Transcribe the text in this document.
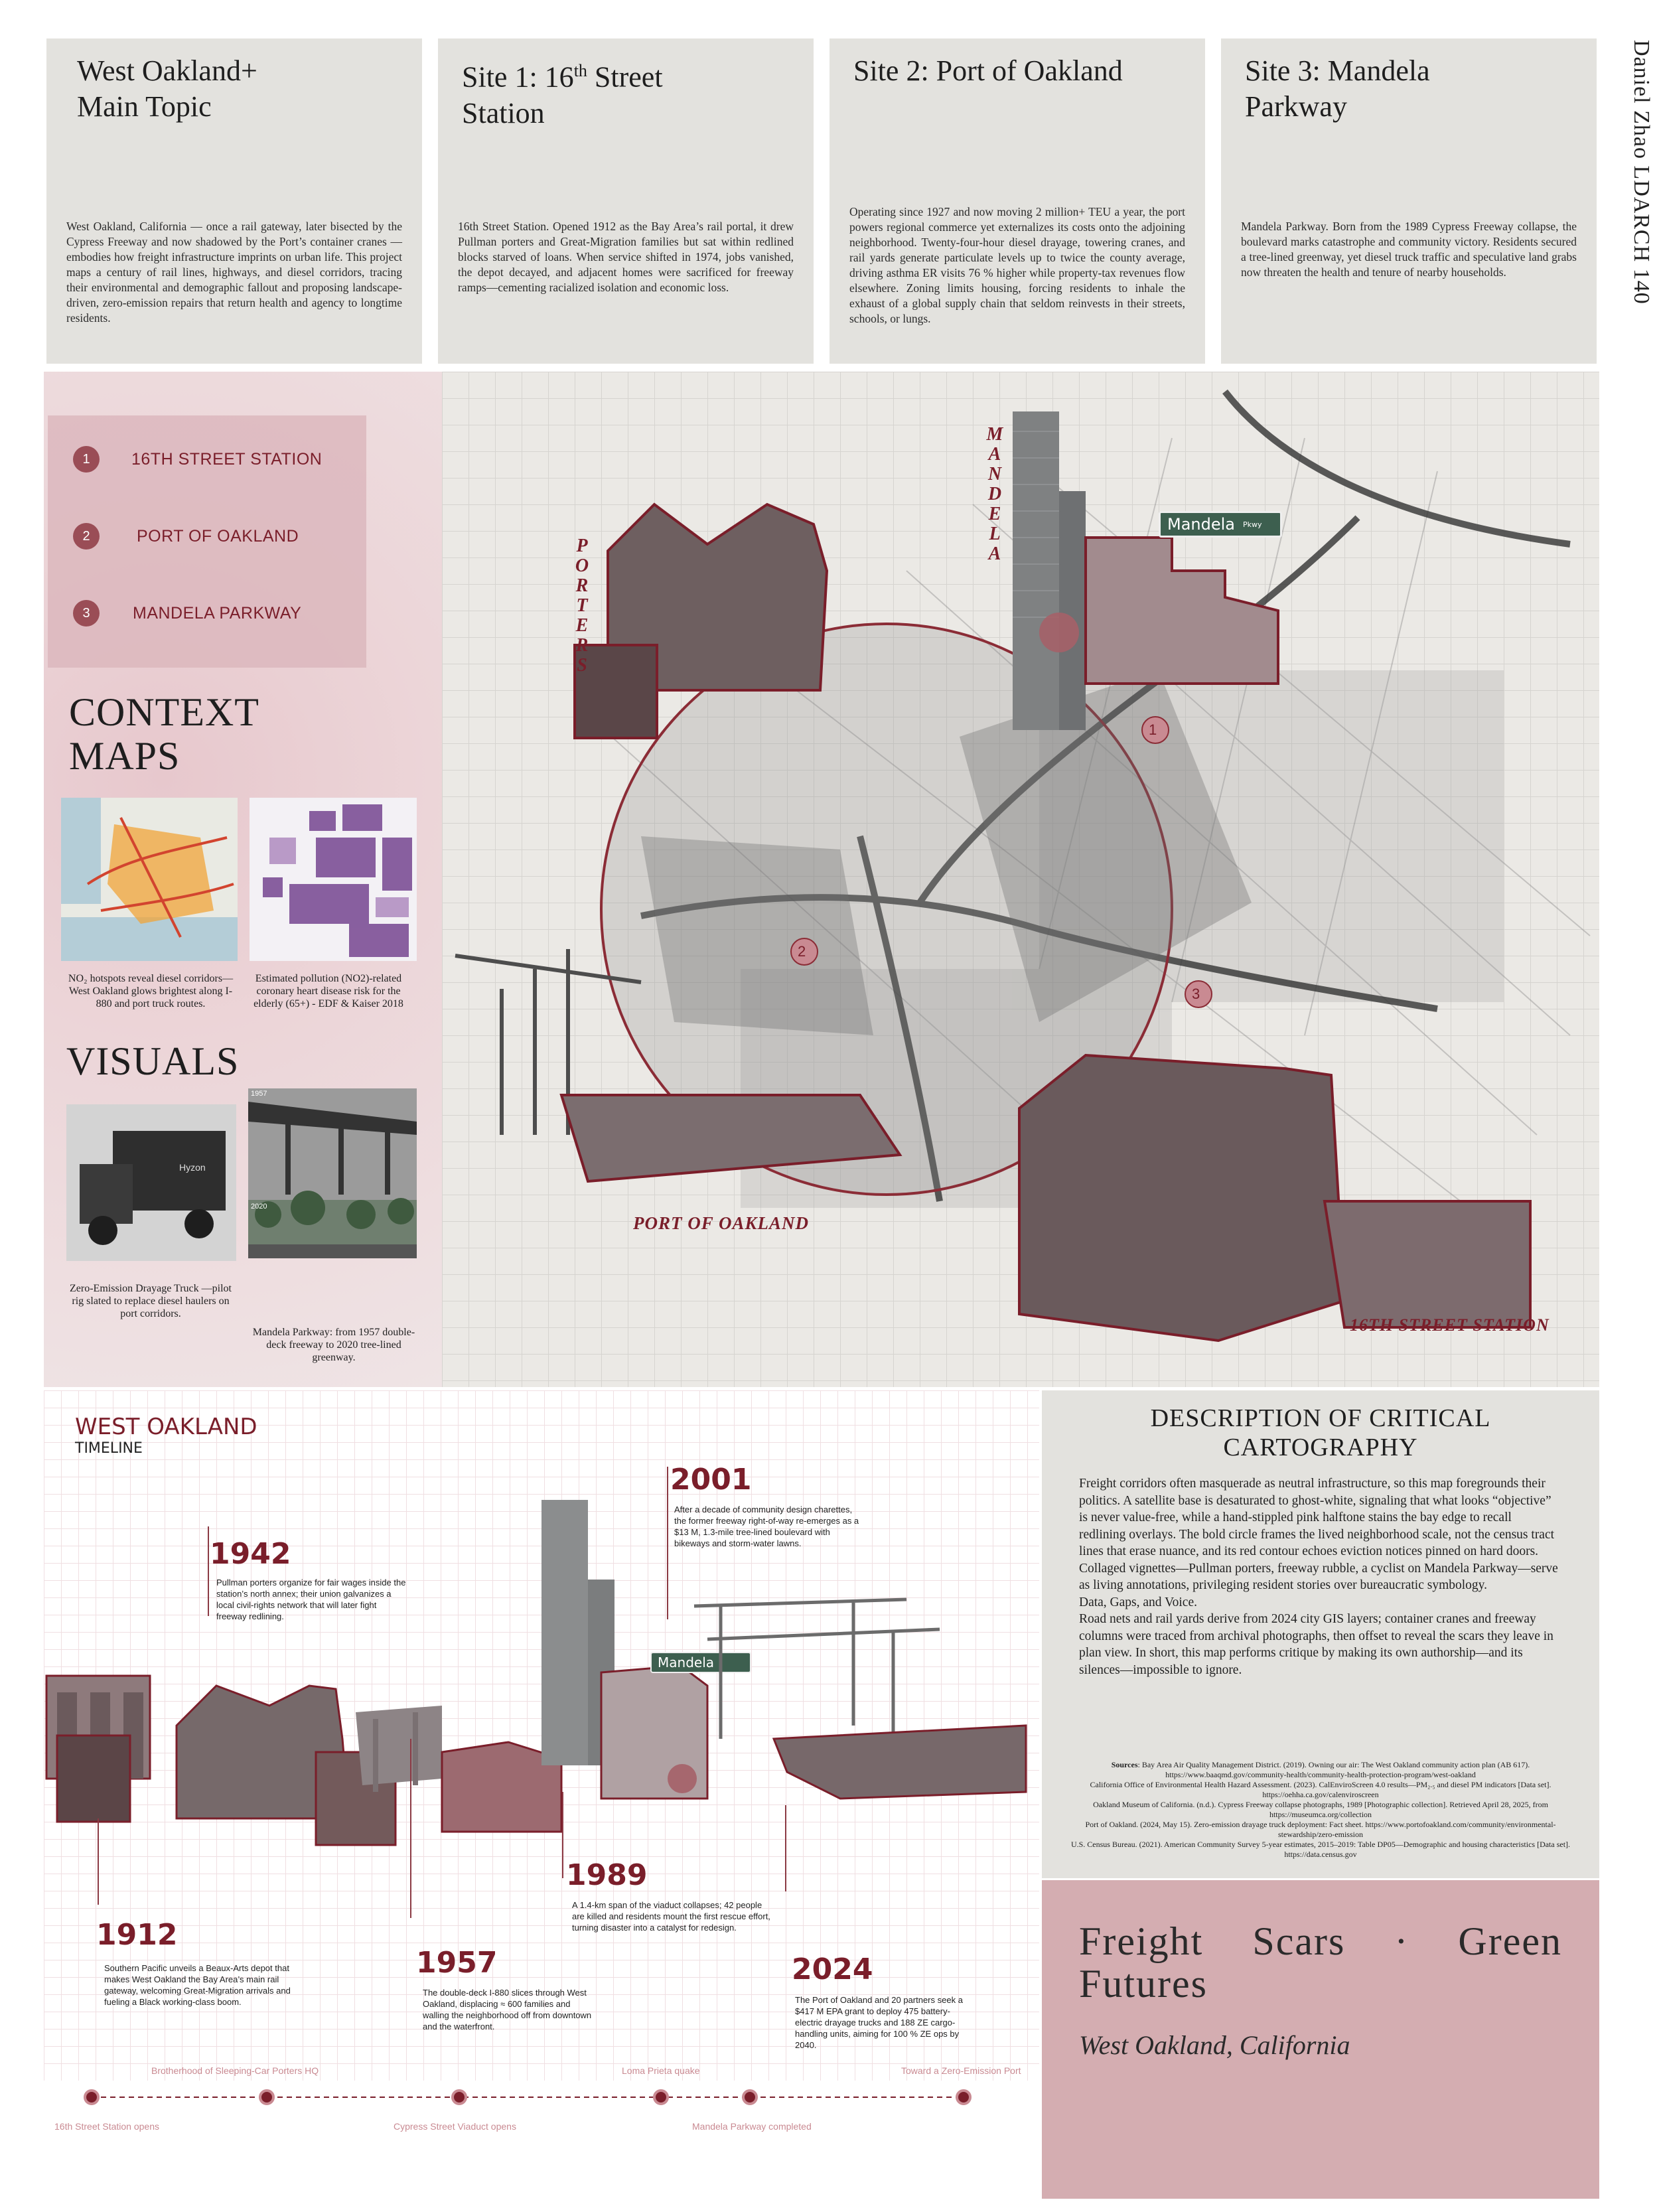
Daniel Zhao LDARCH 140
West Oakland+
Main Topic

West Oakland, California — once a rail gateway, later bisected by the Cypress Freeway and now shadowed by the Port’s container cranes — embodies how freight infrastructure imprints on urban life. This project maps a century of rail lines, highways, and diesel corridors, tracing their environmental and demographic fallout and proposing landscape-driven, zero-emission repairs that return health and agency to longtime residents.

Site 1: 16th Street
Station

16th Street Station. Opened 1912 as the Bay Area’s rail portal, it drew Pullman porters and Great-Migration families but sat within redlined blocks starved of loans. When service shifted in 1974, jobs vanished, the depot decayed, and adjacent homes were sacrificed for freeway ramps—cementing racialized isolation and economic loss.

Site 2: Port of Oakland

Operating since 1927 and now moving 2 million+ TEU a year, the port powers regional commerce yet externalizes its costs onto the adjoining neighborhood. Twenty-four-hour diesel drayage, towering cranes, and rail yards generate particulate levels up to twice the county average, driving asthma ER visits 76 % higher while property-tax revenues flow elsewhere. Zoning limits housing, forcing residents to inhale the exhaust of a global supply chain that seldom reinvests in their streets, schools, or lungs.

Site 3: Mandela
Parkway

Mandela Parkway. Born from the 1989 Cypress Freeway collapse, the boulevard marks catastrophe and community victory. Residents secured a tree-lined greenway, yet diesel truck traffic and speculative land grabs now threaten the health and tenure of nearby households.

1
2
3
Mandela Pkwy
PORTERS
MANDELA
PORT OF OAKLAND
16TH STREET STATION
1	16TH STREET STATION
2	PORT OF OAKLAND
3	MANDELA PARKWAY
CONTEXT
MAPS
NO₂ hotspots reveal diesel corridors—West Oakland glows brightest along I-880 and port truck routes.
Estimated pollution (NO2)-related coronary heart disease risk for the elderly (65+) - EDF & Kaiser 2018
VISUALS
Hyzon
1957
2020
Zero-Emission Drayage Truck —pilot rig slated to replace diesel haulers on port corridors.
Mandela Parkway: from 1957 double-deck freeway to 2020 tree-lined greenway.
WEST OAKLAND
TIMELINE
Mandela
1912
Southern Pacific unveils a Beaux-Arts depot that makes West Oakland the Bay Area’s main rail gateway, welcoming Great-Migration arrivals and fueling a Black working-class boom.
1942
Pullman porters organize for fair wages inside the station’s north annex; their union galvanizes a local civil-rights network that will later fight freeway redlining.
1957
The double-deck I-880 slices through West Oakland, displacing ≈ 600 families and walling the neighborhood off from downtown and the waterfront.
1989
A 1.4-km span of the viaduct collapses; 42 people are killed and residents mount the first rescue effort, turning disaster into a catalyst for redesign.
2001
After a decade of community design charettes, the former freeway right-of-way re-emerges as a $13 M, 1.3-mile tree-lined boulevard with bikeways and storm-water lawns.
2024
The Port of Oakland and 20 partners seek a $417 M EPA grant to deploy 475 battery-electric drayage trucks and 188 ZE cargo-handling units, aiming for 100 % ZE ops by 2040.
Brotherhood of Sleeping-Car Porters HQ	Loma Prieta quake	Toward a Zero-Emission Port
16th Street Station opens	Cypress Street Viaduct opens	Mandela Parkway completed
DESCRIPTION OF CRITICAL
CARTOGRAPHY
Freight corridors often masquerade as neutral infrastructure, so this map foregrounds their politics. A satellite base is desaturated to ghost-white, signaling that what looks “objective” is never value-free, while a hand-stippled pink halftone stains the bay edge to recall redlining overlays. The bold circle frames the lived neighborhood scale, not the census tract lines that erase nuance, and its red contour echoes eviction notices pinned on hard doors. Collaged vignettes—Pullman porters, freeway rubble, a cyclist on Mandela Parkway—serve as living annotations, privileging resident stories over bureaucratic symbology.
Data, Gaps, and Voice.
Road nets and rail yards derive from 2024 city GIS layers; container cranes and freeway columns were traced from archival photographs, then offset to reveal the scars they leave in plan view. In short, this map performs critique by making its own authorship—and its silences—impossible to ignore.
Sources: Bay Area Air Quality Management District. (2019). Owning our air: The West Oakland community action plan (AB 617). https://www.baaqmd.gov/community-health/community-health-protection-program/west-oakland
California Office of Environmental Health Hazard Assessment. (2023). CalEnviroScreen 4.0 results—PM₂.₅ and diesel PM indicators [Data set]. https://oehha.ca.gov/calenviroscreen
Oakland Museum of California. (n.d.). Cypress Freeway collapse photographs, 1989 [Photographic collection]. Retrieved April 28, 2025, from https://museumca.org/collection
Port of Oakland. (2024, May 15). Zero-emission drayage truck deployment: Fact sheet. https://www.portofoakland.com/community/environmental-stewardship/zero-emission
U.S. Census Bureau. (2021). American Community Survey 5-year estimates, 2015–2019: Table DP05—Demographic and housing characteristics [Data set]. https://data.census.gov
Freight Scars · Green Futures
West Oakland, California
